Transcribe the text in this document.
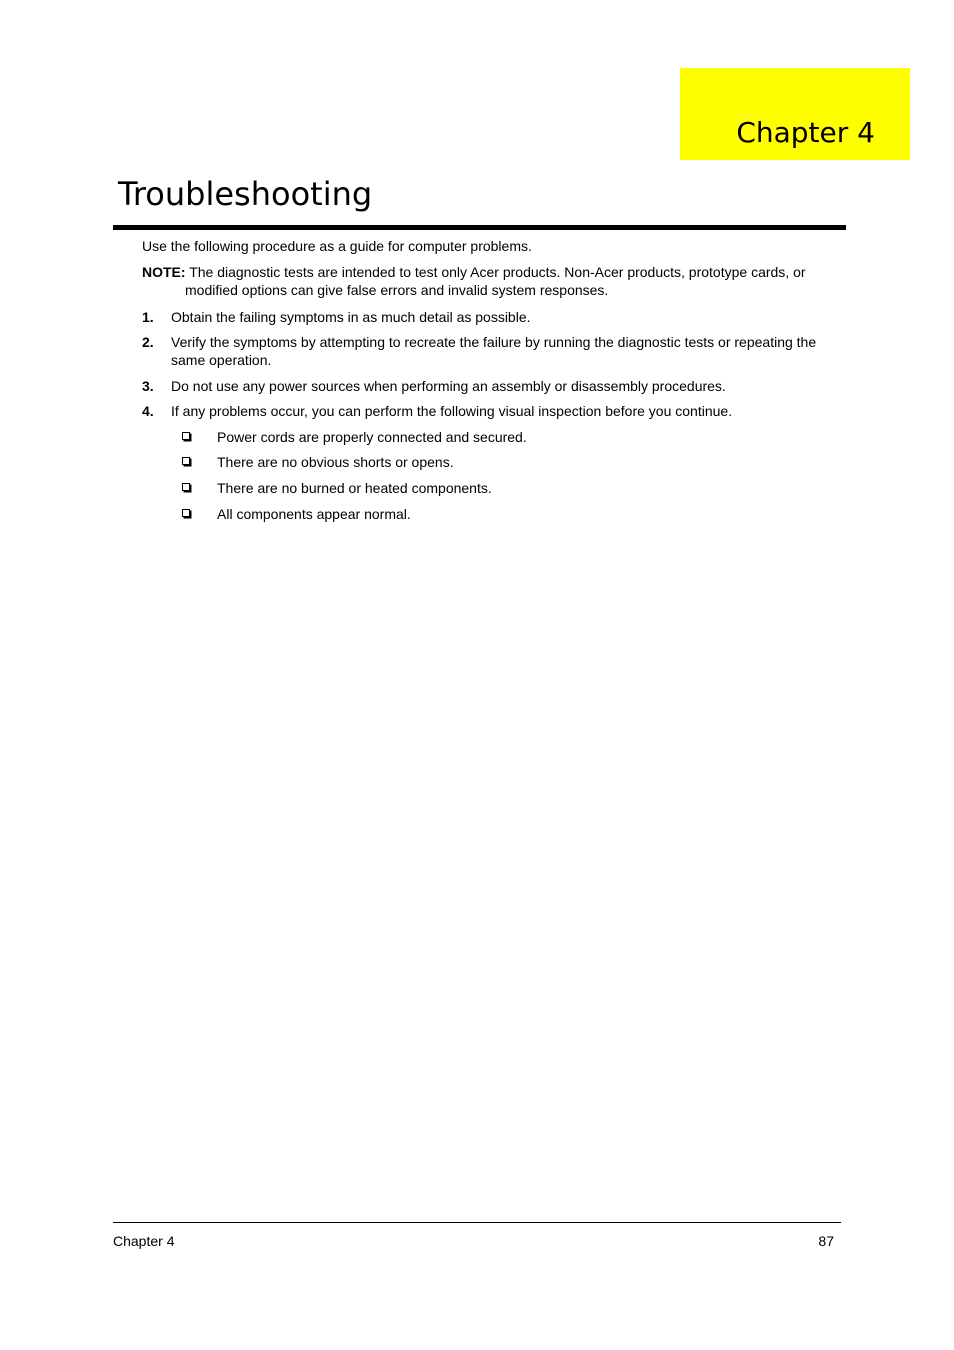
Chapter 4
Troubleshooting
Use the following procedure as a guide for computer problems.
NOTE: The diagnostic tests are intended to test only Acer products. Non-Acer products, prototype cards, or
modified options can give false errors and invalid system responses.
1. Obtain the failing symptoms in as much detail as possible.
2. Verify the symptoms by attempting to recreate the failure by running the diagnostic tests or repeating the same operation.
3. Do not use any power sources when performing an assembly or disassembly procedures.
4. If any problems occur, you can perform the following visual inspection before you continue.
Power cords are properly connected and secured.
There are no obvious shorts or opens.
There are no burned or heated components.
All components appear normal.
Chapter 4	87
